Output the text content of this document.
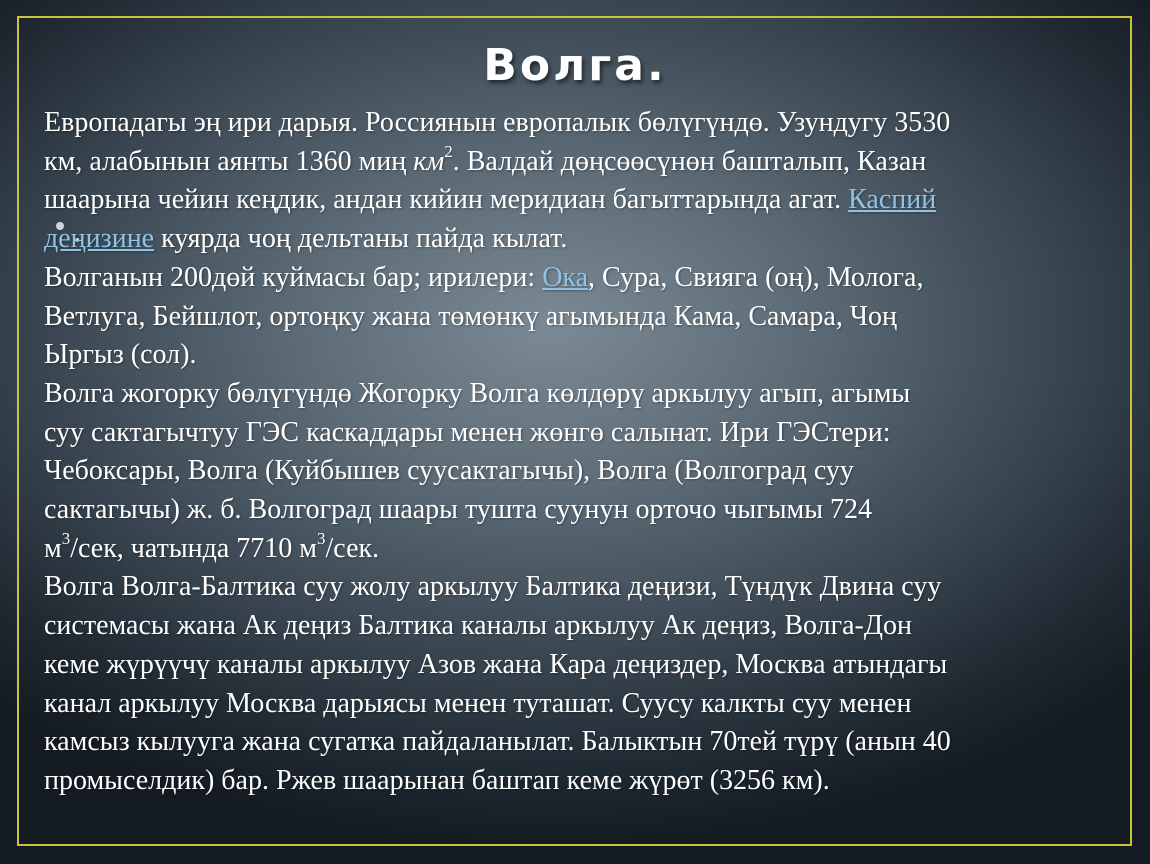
Волга.

Европадагы эң ири дарыя. Россиянын европалык бөлүгүндө. Узундугу 3530

км, алабынын аянты 1360 миң $км^2$. Валдай дөңсөөсүнөн башталып, Казан

шаарына чейин кеңдик, андан кийин меридиан багыттарында агат. Каспий

деңизине куярда чоң дельтаны пайда кылат.

Волганын 200дөй куймасы бар; ирилери: Ока, Сура, Свияга (оң), Молога,

Ветлуга, Бейшлот, ортоңку жана төмөнкү агымында Кама, Самара, Чоң

Ыргыз (сол).

Волга жогорку бөлүгүндө Жогорку Волга көлдөрү аркылуу агып, агымы

суу сактагычтуу ГЭС каскаддары менен жөнгө салынат. Ири ГЭСтери:

Чебоксары, Волга (Куйбышев суусактагычы), Волга (Волгоград суу

сактагычы) ж. б. Волгоград шаары тушта суунун орточо чыгымы 724

$м^3$/сек, чатында 7710 $м^3$/сек.

Волга Волга-Балтика суу жолу аркылуу Балтика деңизи, Түндүк Двина суу

системасы жана Ак деңиз Балтика каналы аркылуу Ак деңиз, Волга-Дон

кеме жүрүүчү каналы аркылуу Азов жана Кара деңиздер, Москва атындагы

канал аркылуу Москва дарыясы менен туташат. Суусу калкты суу менен

камсыз кылууга жана сугатка пайдаланылат. Балыктын 70тей түрү (анын 40

промыселдик) бар. Ржев шаарынан баштап кеме жүрөт (3256 км).
